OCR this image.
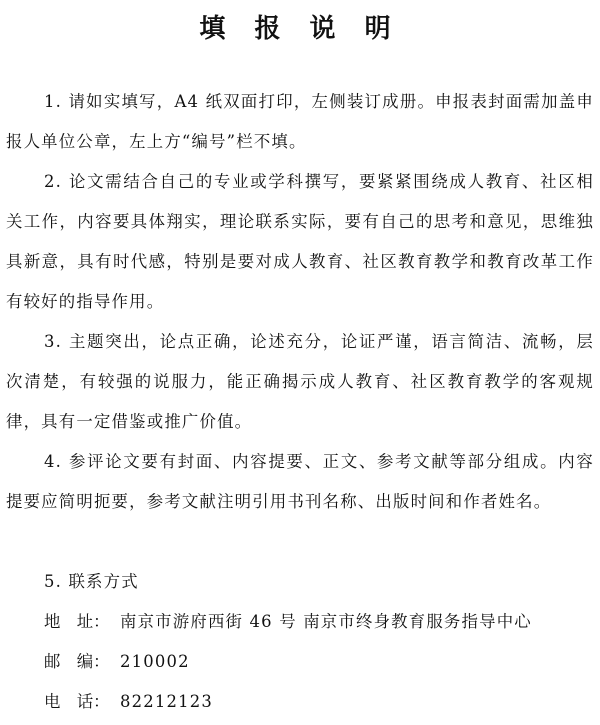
填 报 说 明
1. 请如实填写，A4 纸双面打印，左侧装订成册。申报表封面需加盖申报人单位公章，左上方“编号”栏不填。
2. 论文需结合自己的专业或学科撰写，要紧紧围绕成人教育、社区相关工作，内容要具体翔实，理论联系实际，要有自己的思考和意见，思维独具新意，具有时代感，特别是要对成人教育、社区教育教学和教育改革工作有较好的指导作用。
3. 主题突出，论点正确，论述充分，论证严谨，语言简洁、流畅，层次清楚，有较强的说服力，能正确揭示成人教育、社区教育教学的客观规律，具有一定借鉴或推广价值。
4. 参评论文要有封面、内容提要、正文、参考文献等部分组成。内容提要应简明扼要，参考文献注明引用书刊名称、出版时间和作者姓名。
5. 联系方式
地　址： 南京市游府西街 46 号 南京市终身教育服务指导中心
邮　编： 210002
电　话： 82212123
